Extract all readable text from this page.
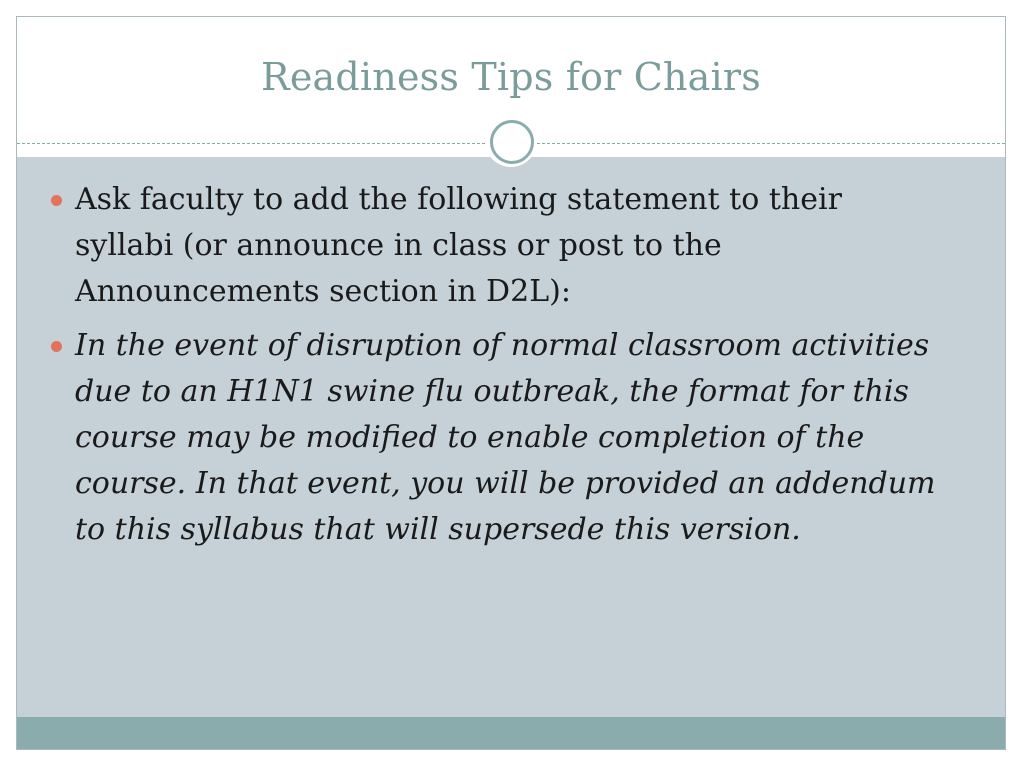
Readiness Tips for Chairs
Ask faculty to add the following statement to their syllabi (or announce in class or post to the Announcements section in D2L):
In the event of disruption of normal classroom activities due to an H1N1 swine flu outbreak, the format for this course may be modified to enable completion of the course. In that event, you will be provided an addendum to this syllabus that will supersede this version.
